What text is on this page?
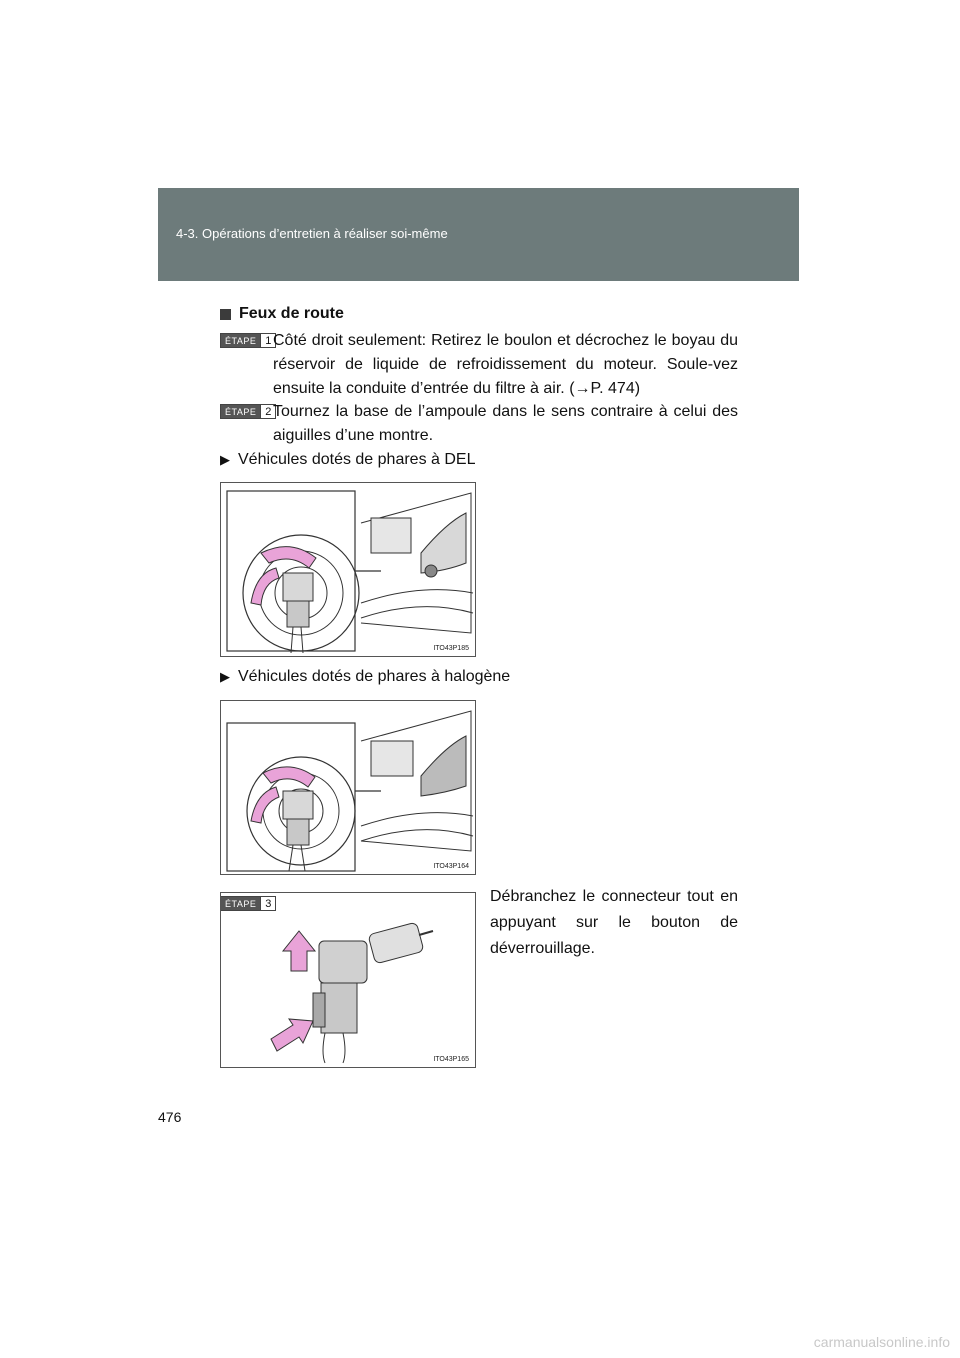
4-3. Opérations d’entretien à réaliser soi-même
Feux de route
ÉTAPE 1 Côté droit seulement: Retirez le boulon et décrochez le boyau du réservoir de liquide de refroidissement du moteur. Soule-vez ensuite la conduite d’entrée du filtre à air. (→P. 474)
ÉTAPE 2 Tournez la base de l’ampoule dans le sens contraire à celui des aiguilles d’une montre.
▶ Véhicules dotés de phares à DEL
ITO43P185
▶ Véhicules dotés de phares à halogène
ITO43P164
ÉTAPE 3
ITO43P165
Débranchez le connecteur tout en appuyant sur le bouton de déverrouillage.
476
carmanualsonline.info
